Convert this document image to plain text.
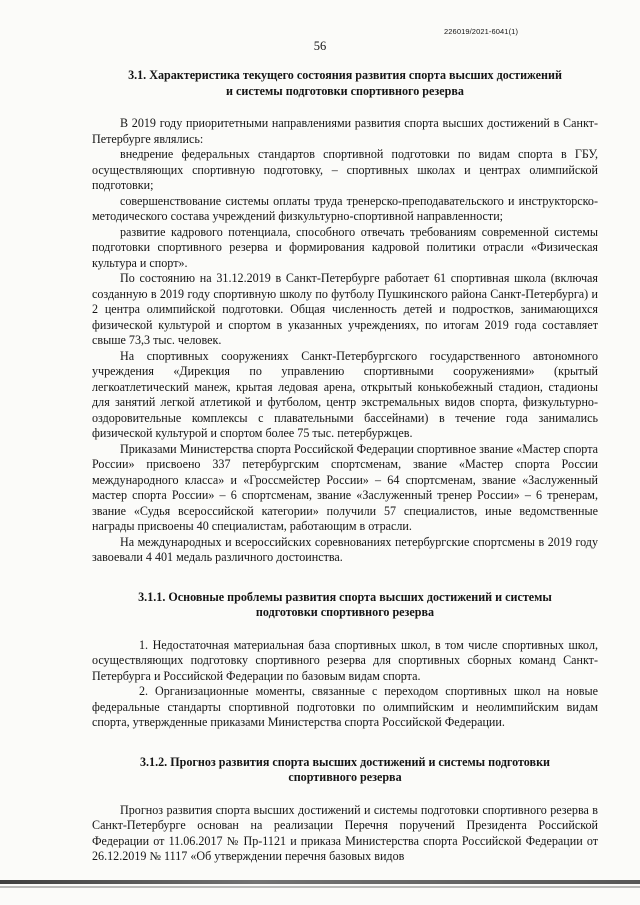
226019/2021-6041(1)
56
3.1. Характеристика текущего состояния развития спорта высших достижений
и системы подготовки спортивного резерва

В 2019 году приоритетными направлениями развития спорта высших достижений в Санкт-Петербурге являлись:

внедрение федеральных стандартов спортивной подготовки по видам спорта в ГБУ, осуществляющих спортивную подготовку, – спортивных школах и центрах олимпийской подготовки;

совершенствование системы оплаты труда тренерско-преподавательского и инструкторско-методического состава учреждений физкультурно-спортивной направленности;

развитие кадрового потенциала, способного отвечать требованиям современной системы подготовки спортивного резерва и формирования кадровой политики отрасли «Физическая культура и спорт».

По состоянию на 31.12.2019 в Санкт-Петербурге работает 61 спортивная школа (включая созданную в 2019 году спортивную школу по футболу Пушкинского района Санкт-Петербурга) и 2 центра олимпийской подготовки. Общая численность детей и подростков, занимающихся физической культурой и спортом в указанных учреждениях, по итогам 2019 года составляет свыше 73,3 тыс. человек.

На спортивных сооружениях Санкт-Петербургского государственного автономного учреждения «Дирекция по управлению спортивными сооружениями» (крытый легкоатлетический манеж, крытая ледовая арена, открытый конькобежный стадион, стадионы для занятий легкой атлетикой и футболом, центр экстремальных видов спорта, физкультурно-оздоровительные комплексы с плавательными бассейнами) в течение года занимались физической культурой и спортом более 75 тыс. петербуржцев.

Приказами Министерства спорта Российской Федерации спортивное звание «Мастер спорта России» присвоено 337 петербургским спортсменам, звание «Мастер спорта России международного класса» и «Гроссмейстер России» – 64 спортсменам, звание «Заслуженный мастер спорта России» – 6 спортсменам, звание «Заслуженный тренер России» – 6 тренерам, звание «Судья всероссийской категории» получили 57 специалистов, иные ведомственные награды присвоены 40 специалистам, работающим в отрасли.

На международных и всероссийских соревнованиях петербургские спортсмены в 2019 году завоевали 4 401 медаль различного достоинства.

3.1.1. Основные проблемы развития спорта высших достижений и системы
подготовки спортивного резерва

1. Недостаточная материальная база спортивных школ, в том числе спортивных школ, осуществляющих подготовку спортивного резерва для спортивных сборных команд Санкт-Петербурга и Российской Федерации по базовым видам спорта.

2. Организационные моменты, связанные с переходом спортивных школ на новые федеральные стандарты спортивной подготовки по олимпийским и неолимпийским видам спорта, утвержденные приказами Министерства спорта Российской Федерации.

3.1.2. Прогноз развития спорта высших достижений и системы подготовки
спортивного резерва

Прогноз развития спорта высших достижений и системы подготовки спортивного резерва в Санкт-Петербурге основан на реализации Перечня поручений Президента Российской Федерации от 11.06.2017 № Пр-1121 и приказа Министерства спорта Российской Федерации от 26.12.2019 № 1117 «Об утверждении перечня базовых видов
